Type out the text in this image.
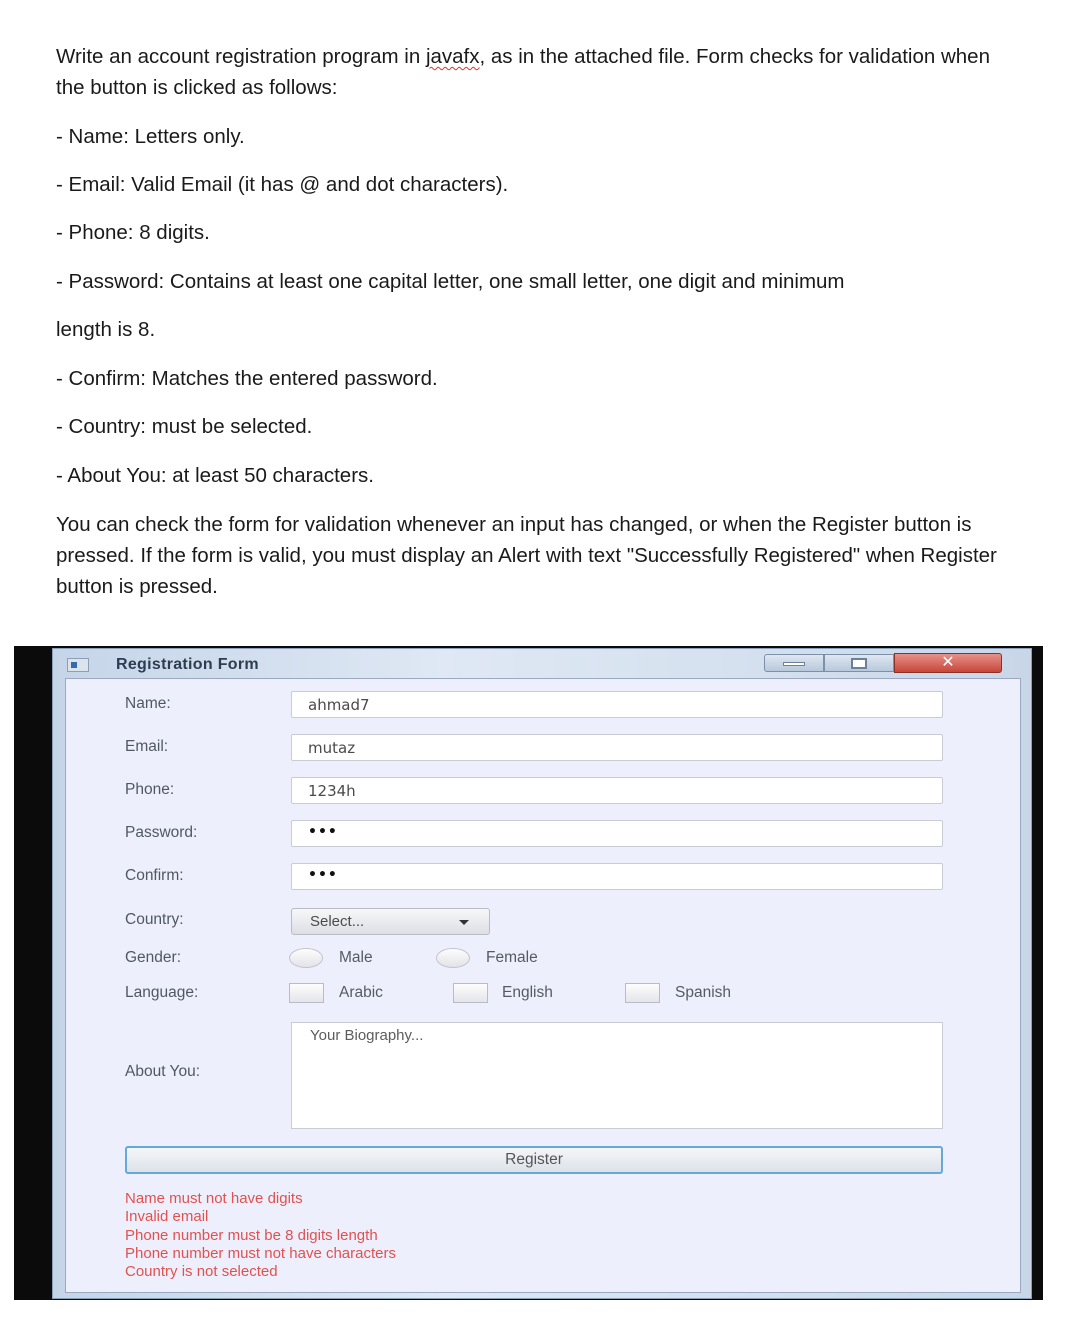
Write an account registration program in javafx, as in the attached file. Form checks for validation when

the button is clicked as follows:

- Name: Letters only.

- Email: Valid Email (it has @ and dot characters).

- Phone: 8 digits.

- Password: Contains at least one capital letter, one small letter, one digit and minimum

length is 8.

- Confirm: Matches the entered password.

- Country: must be selected.

- About You: at least 50 characters.

You can check the form for validation whenever an input has changed, or when the Register button is

pressed. If the form is valid, you must display an Alert with text "Successfully Registered" when Register

button is pressed.

Registration Form	✕
Name:	ahmad7
Email:	mutaz
Phone:	1234h
Password:	•••
Confirm:	•••
Country:	Select...
Gender:	Male	Female
Language:	Arabic	English	Spanish
About You:
Your Biography...
Register
Name must not have digits
Invalid email
Phone number must be 8 digits length
Phone number must not have characters
Country is not selected
